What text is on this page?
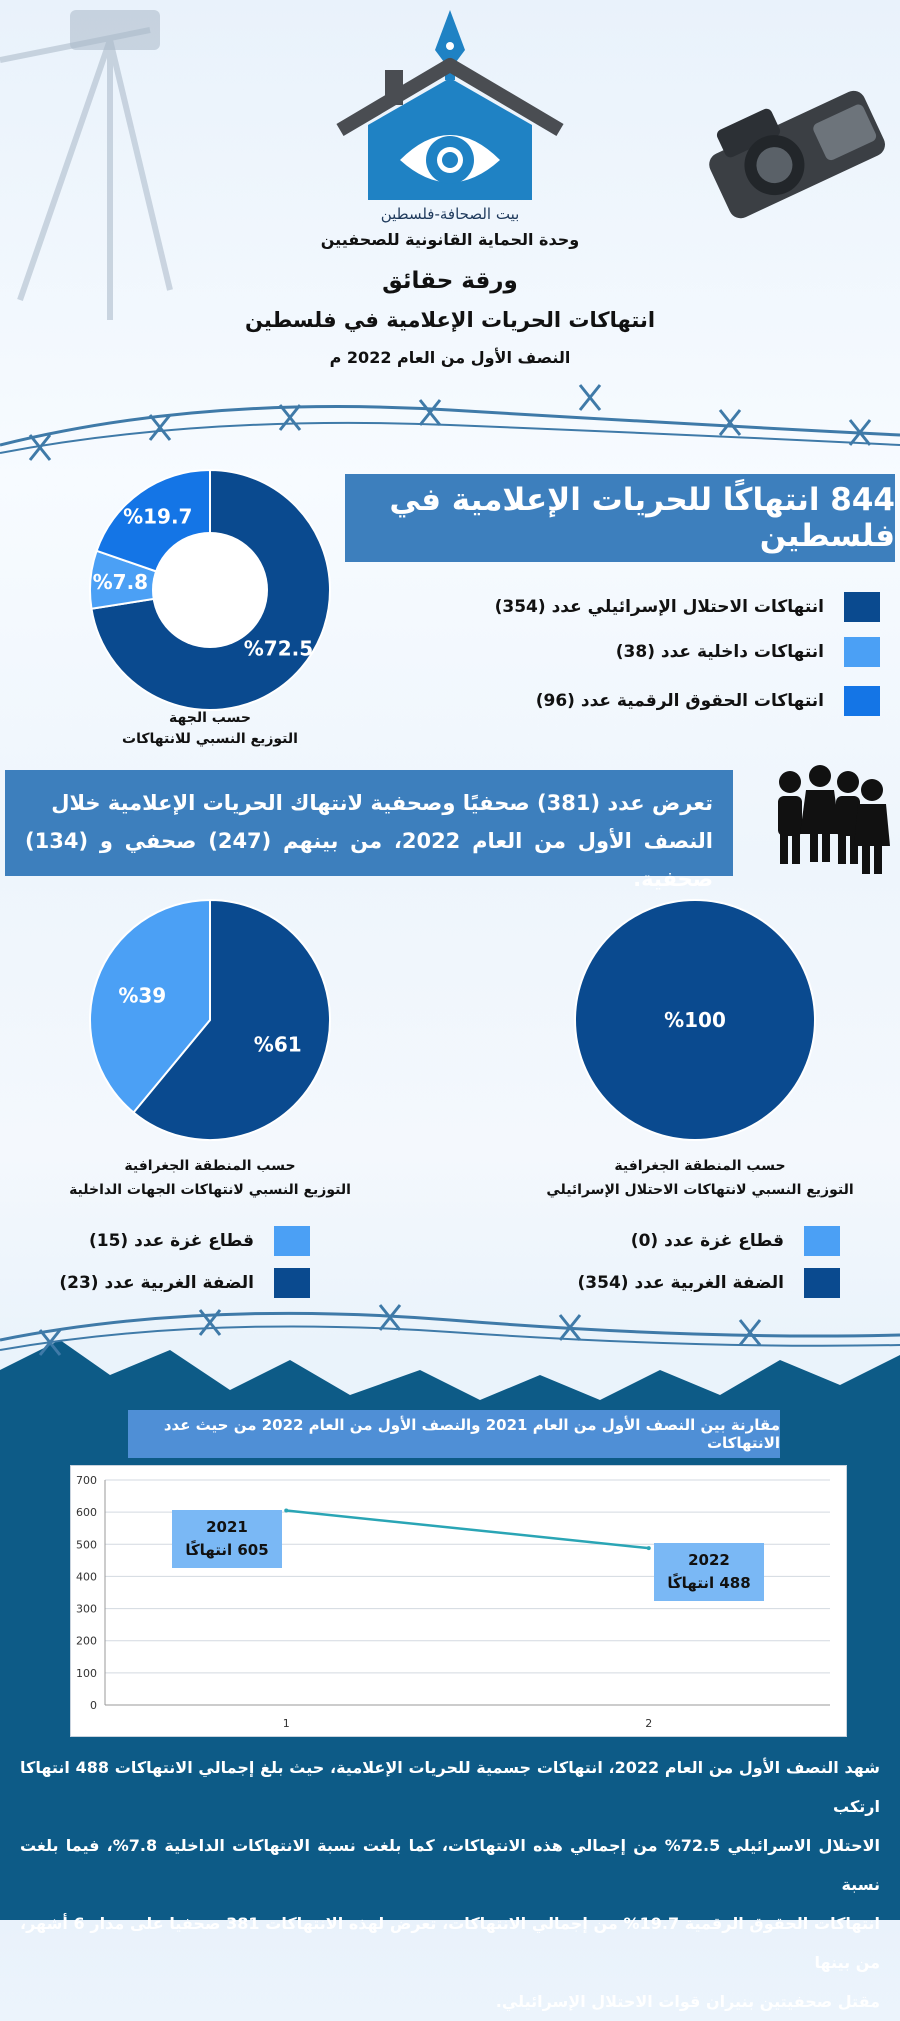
بيت الصحافة-فلسطين
وحدة الحماية القانونية للصحفيين
ورقة حقائق
انتهاكات الحريات الإعلامية في فلسطين
النصف الأول من العام 2022 م
%72.5
%7.8
%19.7
حسب الجهة
التوزيع النسبي للانتهاكات
844 انتهاكًا للحريات الإعلامية في فلسطين
انتهاكات الاحتلال الإسرائيلي عدد (354)
انتهاكات داخلية عدد (38)
انتهاكات الحقوق الرقمية عدد (96)
تعرض عدد (381) صحفيًا وصحفية لانتهاك الحريات الإعلامية خلال
النصف الأول من العام 2022، من بينهم (247) صحفي و (134) صحفية.
%61
%39
%100
حسب المنطقة الجغرافية
التوزيع النسبي لانتهاكات الجهات الداخلية
حسب المنطقة الجغرافية
التوزيع النسبي لانتهاكات الاحتلال الإسرائيلي
قطاع غزة عدد (15)
الضفة الغربية عدد (23)
قطاع غزة عدد (0)
الضفة الغربية عدد (354)
مقارنة بين النصف الأول من العام 2021 والنصف الأول من العام 2022 من حيث عدد الانتهاكات
0
100
200
300
400
500
600
700
1	2
2021
605 انتهاكًا
2022
488 انتهاكًا
شهد النصف الأول من العام 2022، انتهاكات جسمية للحريات الإعلامية، حيث بلغ إجمالي الانتهاكات 488 انتهاكا ارتكب
الاحتلال الاسرائيلي 72.5% من إجمالي هذه الانتهاكات، كما بلغت نسبة الانتهاكات الداخلية 7.8%، فيما بلغت نسبة
انتهاكات الحقوق الرقمية 19.7% من إجمالي الانتهاكات، تعرض لهذه الانتهاكات 381 صحفيا على مدار 6 أشهر، من بينها
مقتل صحفيتين بنيران قوات الاحتلال الإسرائيلي.
